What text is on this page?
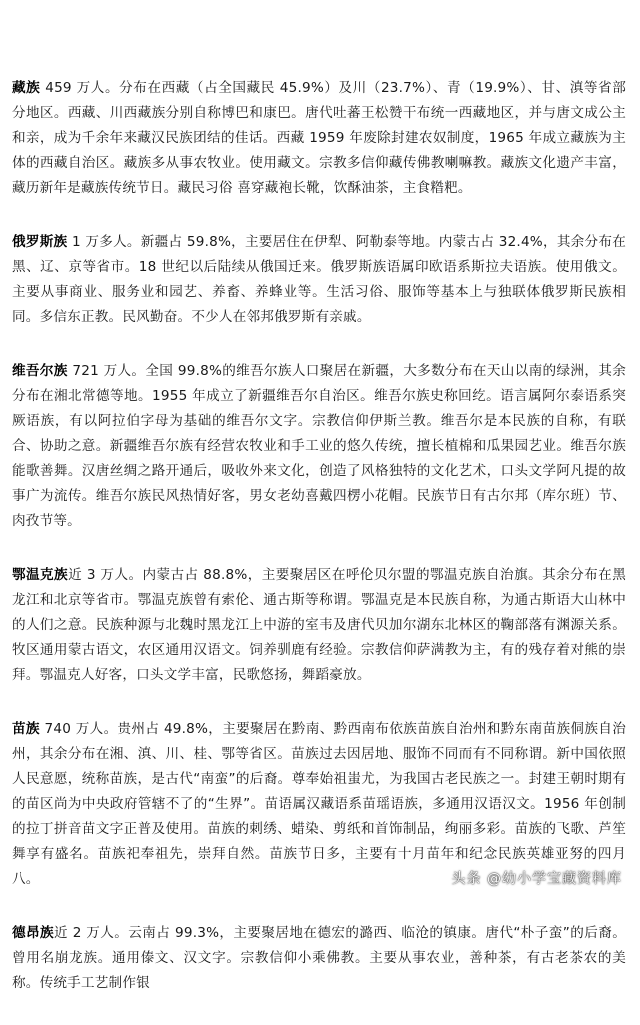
藏族 459 万人。分布在西藏（占全国藏民 45.9%）及川（23.7%）、青（19.9%）、甘、滇等省部分地区。西藏、川西藏族分别自称博巴和康巴。唐代吐蕃王松赞干布统一西藏地区，并与唐文成公主和亲，成为千余年来藏汉民族团结的佳话。西藏 1959 年废除封建农奴制度，1965 年成立藏族为主体的西藏自治区。藏族多从事农牧业。使用藏文。宗教多信仰藏传佛教喇嘛教。藏族文化遗产丰富，藏历新年是藏族传统节日。藏民习俗 喜穿藏袍长靴，饮酥油茶，主食糌粑。

俄罗斯族 1 万多人。新疆占 59.8%，主要居住在伊犁、阿勒泰等地。内蒙古占 32.4%，其余分布在黑、辽、京等省市。18 世纪以后陆续从俄国迁来。俄罗斯族语属印欧语系斯拉夫语族。使用俄文。主要从事商业、服务业和园艺、养畜、养蜂业等。生活习俗、服饰等基本上与独联体俄罗斯民族相同。多信东正教。民风勤奋。不少人在邻邦俄罗斯有亲戚。

维吾尔族 721 万人。全国 99.8%的维吾尔族人口聚居在新疆，大多数分布在天山以南的绿洲，其余分布在湘北常德等地。1955 年成立了新疆维吾尔自治区。维吾尔族史称回纥。语言属阿尔泰语系突厥语族，有以阿拉伯字母为基础的维吾尔文字。宗教信仰伊斯兰教。维吾尔是本民族的自称，有联合、协助之意。新疆维吾尔族有经营农牧业和手工业的悠久传统，擅长植棉和瓜果园艺业。维吾尔族能歌善舞。汉唐丝绸之路开通后，吸收外来文化，创造了风格独特的文化艺术，口头文学阿凡提的故事广为流传。维吾尔族民风热情好客，男女老幼喜戴四楞小花帽。民族节日有古尔邦（库尔班）节、肉孜节等。

鄂温克族近 3 万人。内蒙古占 88.8%，主要聚居区在呼伦贝尔盟的鄂温克族自治旗。其余分布在黑龙江和北京等省市。鄂温克族曾有索伦、通古斯等称谓。鄂温克是本民族自称，为通古斯语大山林中的人们之意。民族种源与北魏时黑龙江上中游的室韦及唐代贝加尔湖东北林区的鞠部落有渊源关系。牧区通用蒙古语文，农区通用汉语文。饲养驯鹿有经验。宗教信仰萨满教为主，有的残存着对熊的崇拜。鄂温克人好客，口头文学丰富，民歌悠扬，舞蹈豪放。

苗族 740 万人。贵州占 49.8%，主要聚居在黔南、黔西南布依族苗族自治州和黔东南苗族侗族自治州，其余分布在湘、滇、川、桂、鄂等省区。苗族过去因居地、服饰不同而有不同称谓。新中国依照人民意愿，统称苗族，是古代“南蛮”的后裔。尊奉始祖蚩尤，为我国古老民族之一。封建王朝时期有的苗区尚为中央政府管辖不了的“生界”。苗语属汉藏语系苗瑶语族，多通用汉语汉文。1956 年创制的拉丁拼音苗文字正普及使用。苗族的刺绣、蜡染、剪纸和首饰制品，绚丽多彩。苗族的飞歌、芦笙舞享有盛名。苗族祀奉祖先，崇拜自然。苗族节日多，主要有十月苗年和纪念民族英雄亚努的四月八。

德昂族近 2 万人。云南占 99.3%，主要聚居地在德宏的潞西、临沧的镇康。唐代“朴子蛮”的后裔。曾用名崩龙族。通用傣文、汉文字。宗教信仰小乘佛教。主要从事农业，善种茶，有古老茶农的美称。传统手工艺制作银

头条 @幼小学宝藏资料库
